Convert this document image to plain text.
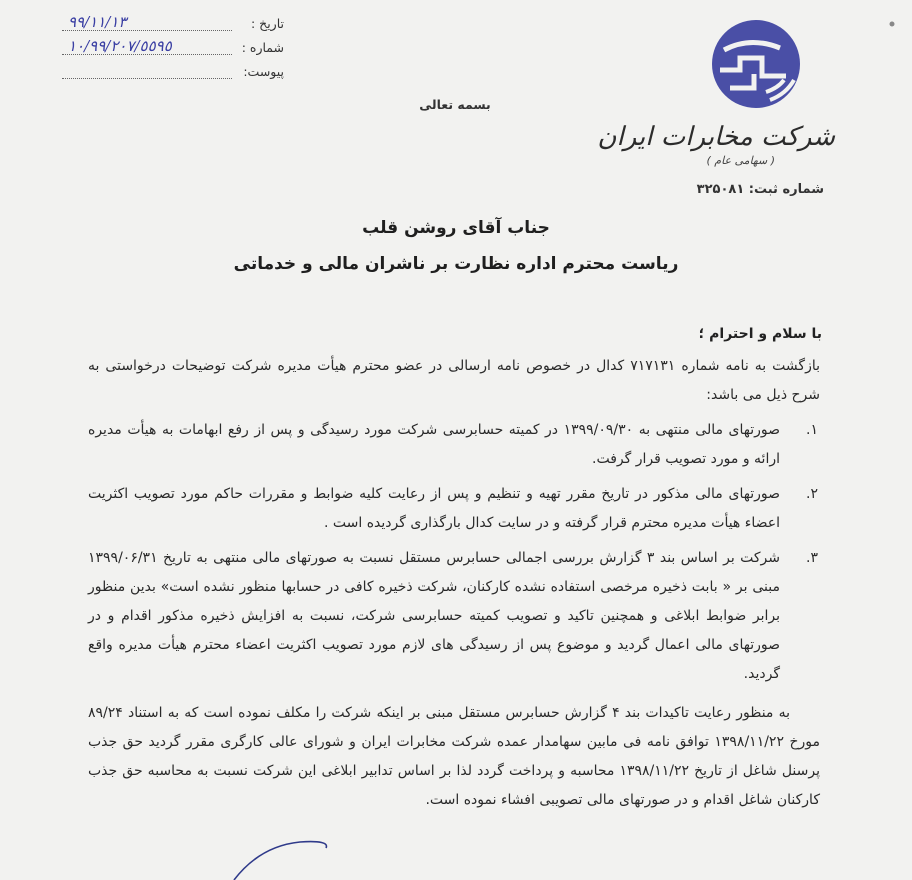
تاریخ :
٩٩/١١/١٣
شماره :
١٠/٩٩/٢٠٧/٥٥٩٥
پیوست:
بسمه تعالی
شرکت مخابرات ایران
( سهامی عام )
شماره ثبت: ۳۲۵۰۸۱
جناب آقای روشن قلب
ریاست محترم اداره نظارت بر ناشران مالی و خدماتی
با سلام و احترام ؛

بازگشت به نامه شماره ۷۱۷۱۳۱ کدال در خصوص نامه ارسالی در عضو محترم هیأت مدیره شرکت توضیحات درخواستی به شرح ذیل می باشد:

۱.
صورتهای مالی منتهی به ۱۳۹۹/۰۹/۳۰ در کمیته حسابرسی شرکت مورد رسیدگی و پس از رفع ابهامات به هیأت مدیره ارائه و مورد تصویب قرار گرفت.
۲.
صورتهای مالی مذکور در تاریخ مقرر تهیه و تنظیم و پس از رعایت کلیه ضوابط و مقررات حاکم مورد تصویب اکثریت اعضاء هیأت مدیره محترم قرار گرفته و در سایت کدال بارگذاری گردیده است .
۳.
شرکت بر اساس بند ۳ گزارش بررسی اجمالی حسابرس مستقل نسبت به صورتهای مالی منتهی به تاریخ ۱۳۹۹/۰۶/۳۱ مبنی بر « بابت ذخیره مرخصی استفاده نشده کارکنان، شرکت ذخیره کافی در حسابها منظور نشده است» بدین منظور برابر ضوابط ابلاغی و همچنین تاکید و تصویب کمیته حسابرسی شرکت، نسبت به افزایش ذخیره مذکور اقدام و در صورتهای مالی اعمال گردید و موضوع پس از رسیدگی های لازم مورد تصویب اکثریت اعضاء محترم هیأت مدیره واقع گردید.

به منظور رعایت تاکیدات بند ۴ گزارش حسابرس مستقل مبنی بر اینکه شرکت را مکلف نموده است که به استناد ۸۹/۲۴ مورخ ۱۳۹۸/۱۱/۲۲ توافق نامه فی مابین سهامدار عمده شرکت مخابرات ایران و شورای عالی کارگری مقرر گردید حق جذب پرسنل شاغل از تاریخ ۱۳۹۸/۱۱/۲۲ محاسبه و پرداخت گردد لذا بر اساس تدابیر ابلاغی این شرکت نسبت به محاسبه حق جذب کارکنان شاغل اقدام و در صورتهای مالی تصویبی افشاء نموده است.
